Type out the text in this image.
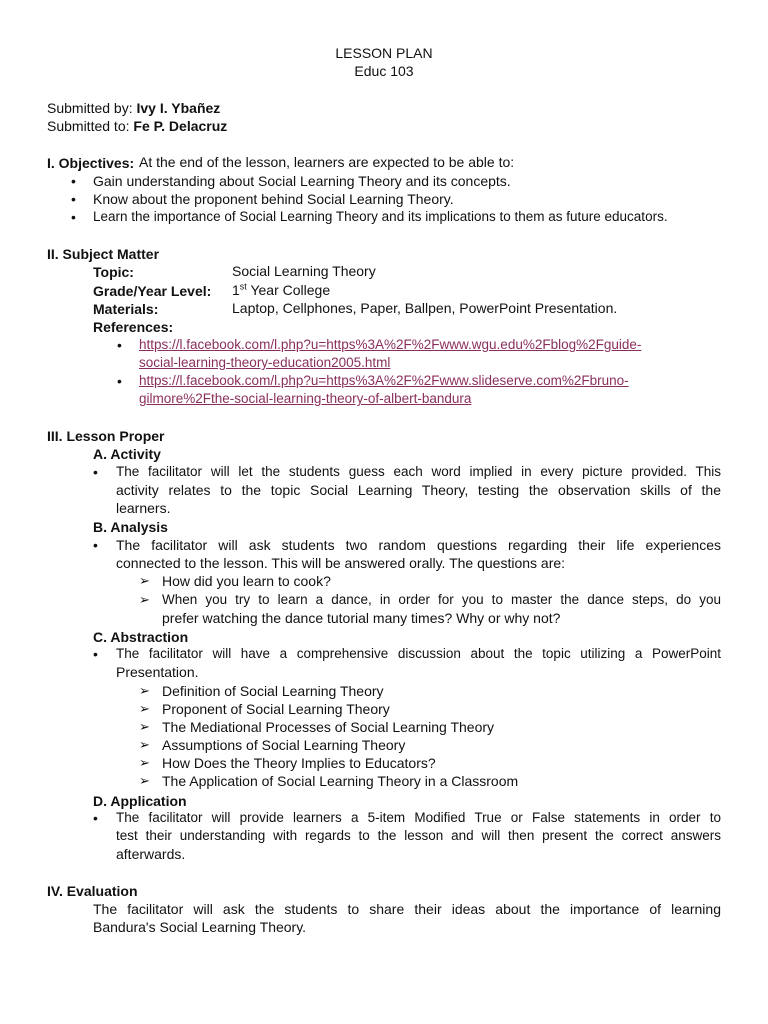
LESSON PLAN
Educ 103
Submitted by: Ivy I. Ybañez
Submitted to: Fe P. Delacruz
I. Objectives: At the end of the lesson, learners are expected to be able to:
• Gain understanding about Social Learning Theory and its concepts.
• Know about the proponent behind Social Learning Theory.
• Learn the importance of Social Learning Theory and its implications to them as future educators.
II. Subject Matter
Topic:	Social Learning Theory
Grade/Year Level: 1st Year College
Materials:	Laptop, Cellphones, Paper, Ballpen, PowerPoint Presentation.
References:
• https://l.facebook.com/l.php?u=https%3A%2F%2Fwww.wgu.edu%2Fblog%2Fguide-
social-learning-theory-education2005.html
• https://l.facebook.com/l.php?u=https%3A%2F%2Fwww.slideserve.com%2Fbruno-
gilmore%2Fthe-social-learning-theory-of-albert-bandura
III. Lesson Proper
A. Activity
• The facilitator will let the students guess each word implied in every picture provided. This
activity relates to the topic Social Learning Theory, testing the observation skills of the
learners.
B. Analysis
• The facilitator will ask students two random questions regarding their life experiences
connected to the lesson. This will be answered orally. The questions are:
➢ How did you learn to cook?
➢ When you try to learn a dance, in order for you to master the dance steps, do you
prefer watching the dance tutorial many times? Why or why not?
C. Abstraction
• The facilitator will have a comprehensive discussion about the topic utilizing a PowerPoint
Presentation.
➢ Definition of Social Learning Theory
➢ Proponent of Social Learning Theory
➢ The Mediational Processes of Social Learning Theory
➢ Assumptions of Social Learning Theory
➢ How Does the Theory Implies to Educators?
➢ The Application of Social Learning Theory in a Classroom
D. Application
• The facilitator will provide learners a 5-item Modified True or False statements in order to
test their understanding with regards to the lesson and will then present the correct answers
afterwards.
IV. Evaluation
The facilitator will ask the students to share their ideas about the importance of learning
Bandura's Social Learning Theory.
